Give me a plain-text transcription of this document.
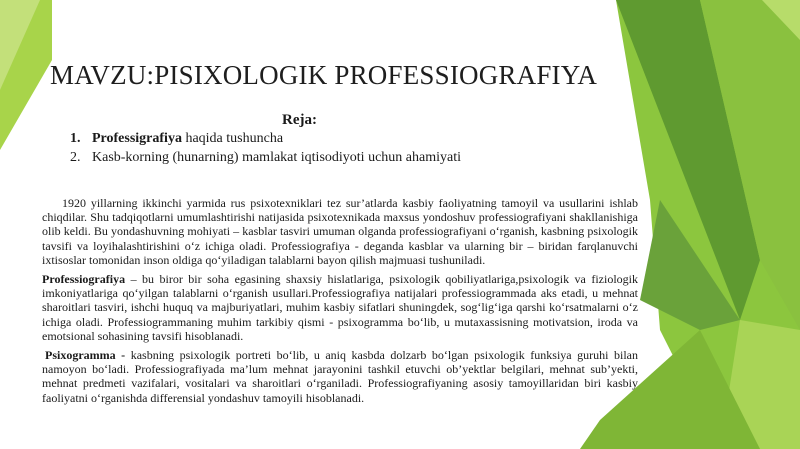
MAVZU:PISIXOLOGIK PROFESSIOGRAFIYA
Reja:
1. Professigrafiya haqida tushuncha
2. Kasb-korning (hunarning) mamlakat iqtisodiyoti uchun ahamiyati

1920 yillarning ikkinchi yarmida rus psixotexniklari tez sur’atlarda kasbiy faoliyatning tamoyil va usullarini ishlab chiqdilar. Shu tadqiqotlarni umumlashtirishi natijasida psixotexnikada maxsus yondoshuv professiografiyani shakllanishiga olib keldi. Bu yondashuvning mohiyati – kasblar tasviri umuman olganda professiografiyani o‘rganish, kasbning psixologik tavsifi va loyihalashtirishini o‘z ichiga oladi. Professiografiya - deganda kasblar va ularning bir – biridan farqlanuvchi ixtisoslar tomonidan inson oldiga qo‘yiladigan talablarni bayon qilish majmuasi tushuniladi.

Professiografiya – bu biror bir soha egasining shaxsiy hislatlariga, psixologik qobiliyatlariga,psixologik va fiziologik imkoniyatlariga qo‘yilgan talablarni o‘rganish usullari.Professiografiya natijalari professiogrammada aks etadi, u mehnat sharoitlari tasviri, ishchi huquq va majburiyatlari, muhim kasbiy sifatlari shuningdek, sog‘lig‘iga qarshi ko‘rsatmalarni o‘z ichiga oladi. Professiogrammaning muhim tarkibiy qismi - psixogramma bo‘lib, u mutaxassisning motivatsion, iroda va emotsional sohasining tavsifi hisoblanadi.

Psixogramma - kasbning psixologik portreti bo‘lib, u aniq kasbda dolzarb bo‘lgan psixologik funksiya guruhi bilan namoyon bo‘ladi. Professiografiyada ma’lum mehnat jarayonini tashkil etuvchi ob’yektlar belgilari, mehnat sub’yekti, mehnat predmeti vazifalari, vositalari va sharoitlari o‘rganiladi. Professiografiyaning asosiy tamoyillaridan biri kasbiy faoliyatni o‘rganishda differensial yondashuv tamoyili hisoblanadi.
